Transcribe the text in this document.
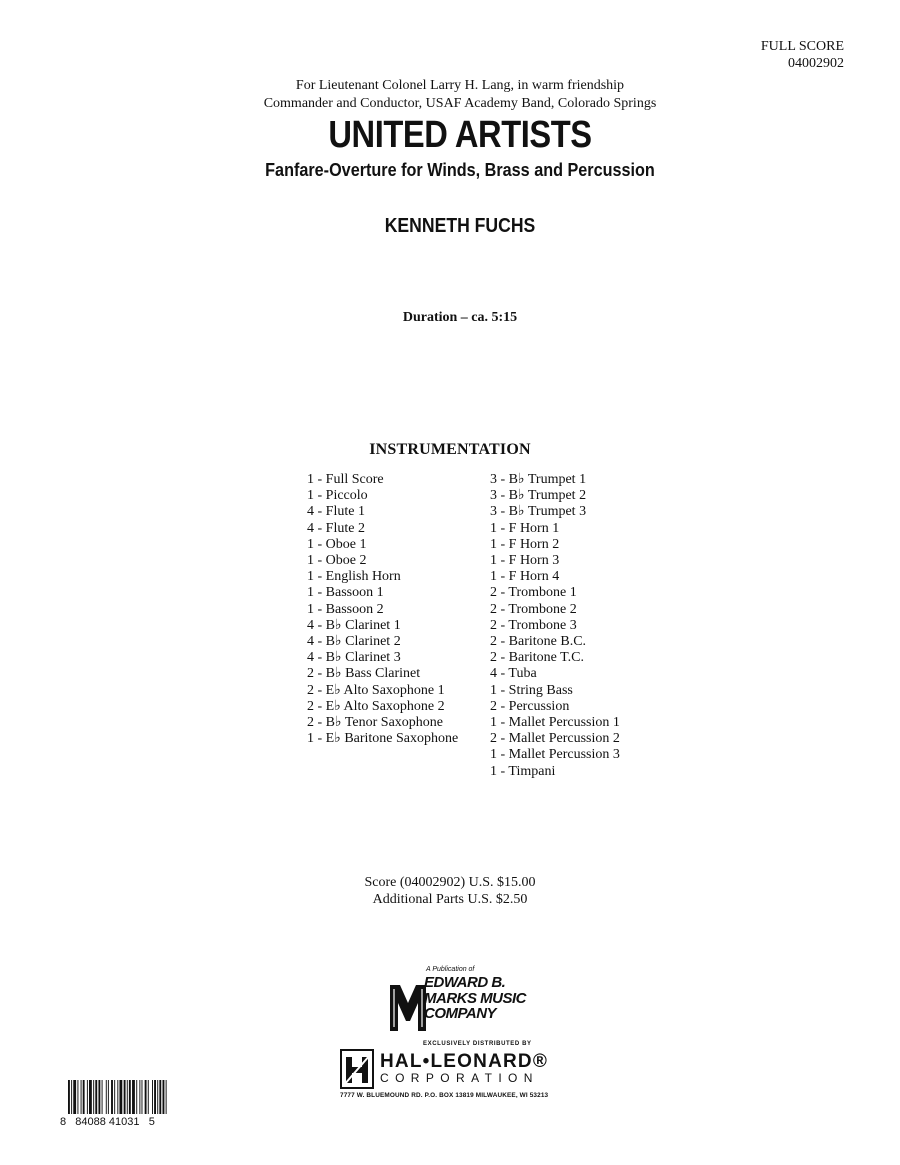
FULL SCORE
04002902
For Lieutenant Colonel Larry H. Lang, in warm friendship
Commander and Conductor, USAF Academy Band, Colorado Springs
UNITED ARTISTS
Fanfare-Overture for Winds, Brass and Percussion
KENNETH FUCHS
Duration – ca. 5:15
INSTRUMENTATION
1 - Full Score
1 - Piccolo
4 - Flute 1
4 - Flute 2
1 - Oboe 1
1 - Oboe 2
1 - English Horn
1 - Bassoon 1
1 - Bassoon 2
4 - B♭ Clarinet 1
4 - B♭ Clarinet 2
4 - B♭ Clarinet 3
2 - B♭ Bass Clarinet
2 - E♭ Alto Saxophone 1
2 - E♭ Alto Saxophone 2
2 - B♭ Tenor Saxophone
1 - E♭ Baritone Saxophone
3 - B♭ Trumpet 1
3 - B♭ Trumpet 2
3 - B♭ Trumpet 3
1 - F Horn 1
1 - F Horn 2
1 - F Horn 3
1 - F Horn 4
2 - Trombone 1
2 - Trombone 2
2 - Trombone 3
2 - Baritone B.C.
2 - Baritone T.C.
4 - Tuba
1 - String Bass
2 - Percussion
1 - Mallet Percussion 1
2 - Mallet Percussion 2
1 - Mallet Percussion 3
1 - Timpani
Score (04002902) U.S. $15.00
Additional Parts U.S. $2.50
A Publication of
EDWARD B.
MARKS MUSIC
COMPANY
EXCLUSIVELY DISTRIBUTED BY
HAL•LEONARD®
CORPORATION
7777 W. BLUEMOUND RD. P.O. BOX 13819 MILWAUKEE, WI 53213
8   84088 41031   5
